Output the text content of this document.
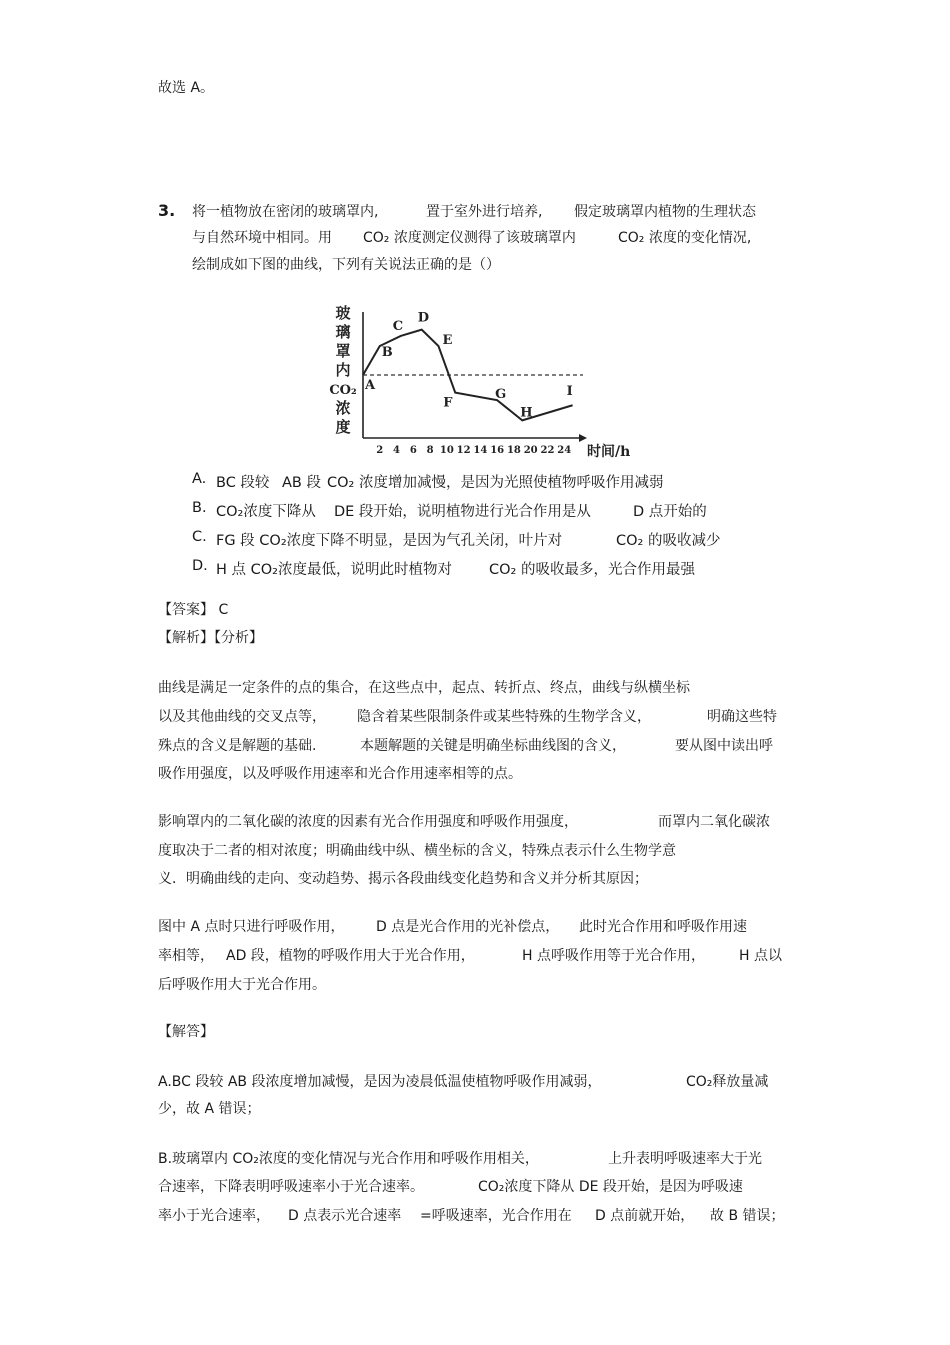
故选 A。
3. 将一植物放在密闭的玻璃罩内,	置于室外进行培养, 假定玻璃罩内植物的生理状态
与自然环境中相同。用 CO₂ 浓度测定仪测得了该玻璃罩内	CO₂ 浓度的变化情况,
绘制成如下图的曲线，下列有关说法正确的是（）
玻
璃
罩
内
CO₂
浓
度
A
B
C
D
E
F
G
H
I
2 4 6 8 10 12 14 16 18 20 22 24 时间/h
A. BC 段较 AB 段 CO₂ 浓度增加减慢，是因为光照使植物呼吸作用减弱
B. CO₂浓度下降从 DE 段开始，说明植物进行光合作用是从	D 点开始的
C. FG 段 CO₂浓度下降不明显，是因为气孔关闭，叶片对	CO₂ 的吸收减少
D. H 点 CO₂浓度最低，说明此时植物对	CO₂ 的吸收最多，光合作用最强
【答案】 C
【解析】【分析】
曲线是满足一定条件的点的集合，在这些点中，起点、转折点、终点，曲线与纵横坐标
以及其他曲线的交叉点等， 隐含着某些限制条件或某些特殊的生物学含义，	明确这些特
殊点的含义是解题的基础.	本题解题的关键是明确坐标曲线图的含义，	要从图中读出呼
吸作用强度，以及呼吸作用速率和光合作用速率相等的点。
影响罩内的二氧化碳的浓度的因素有光合作用强度和呼吸作用强度，	而罩内二氧化碳浓
度取决于二者的相对浓度；明确曲线中纵、横坐标的含义，特殊点表示什么生物学意
义．明确曲线的走向、变动趋势、揭示各段曲线变化趋势和含义并分析其原因；
图中 A 点时只进行呼吸作用， D 点是光合作用的光补偿点， 此时光合作用和呼吸作用速
率相等， AD 段，植物的呼吸作用大于光合作用，	H 点呼吸作用等于光合作用， H 点以
后呼吸作用大于光合作用。
【解答】
A.BC 段较 AB 段浓度增加减慢，是因为凌晨低温使植物呼吸作用减弱，	CO₂释放量减
少，故 A 错误；
B.玻璃罩内 CO₂浓度的变化情况与光合作用和呼吸作用相关，	上升表明呼吸速率大于光
合速率，下降表明呼吸速率小于光合速率。	CO₂浓度下降从 DE 段开始，是因为呼吸速
率小于光合速率， D 点表示光合速率 =呼吸速率，光合作用在 D 点前就开始， 故 B 错误；
